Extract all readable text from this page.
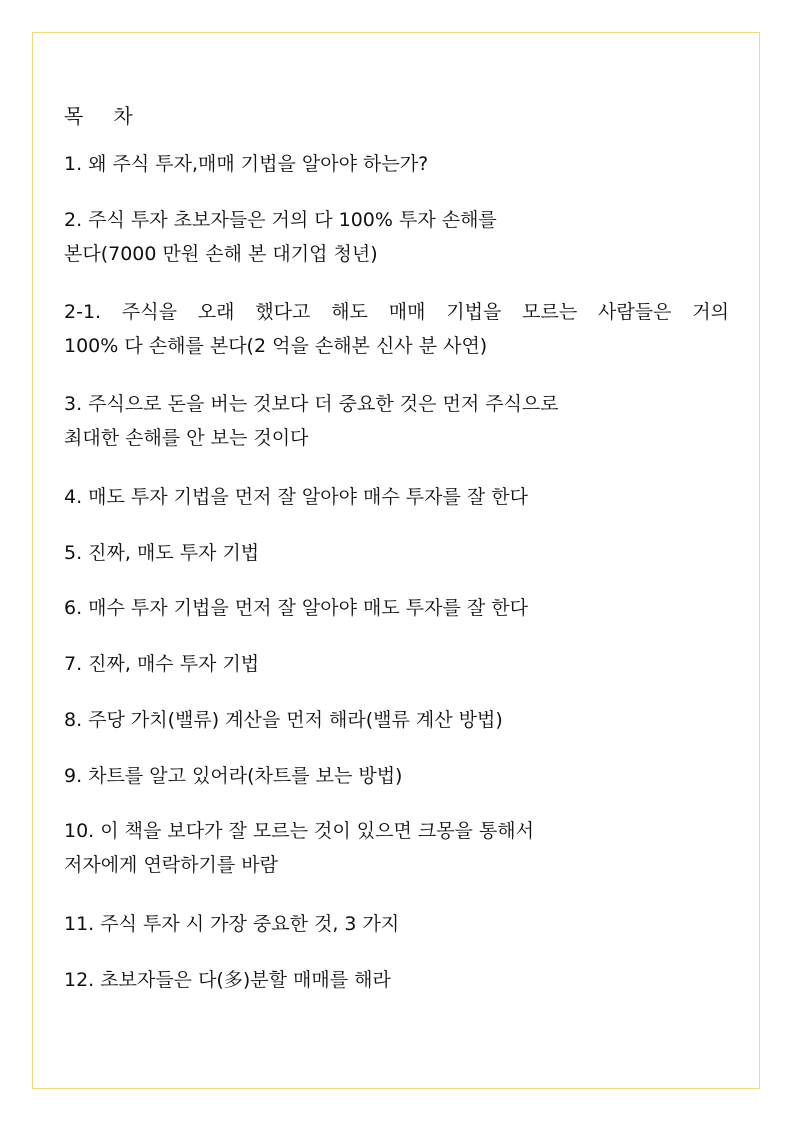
목 차
1. 왜 주식 투자,매매 기법을 알아야 하는가?
2. 주식 투자 초보자들은 거의 다 100% 투자 손해를
본다(7000 만원 손해 본 대기업 청년)
2-1. 주식을 오래 했다고 해도 매매 기법을 모르는 사람들은 거의
100% 다 손해를 본다(2 억을 손해본 신사 분 사연)
3. 주식으로 돈을 버는 것보다 더 중요한 것은 먼저 주식으로
최대한 손해를 안 보는 것이다
4. 매도 투자 기법을 먼저 잘 알아야 매수 투자를 잘 한다
5. 진짜, 매도 투자 기법
6. 매수 투자 기법을 먼저 잘 알아야 매도 투자를 잘 한다
7. 진짜, 매수 투자 기법
8. 주당 가치(밸류) 계산을 먼저 해라(밸류 계산 방법)
9. 차트를 알고 있어라(차트를 보는 방법)
10. 이 책을 보다가 잘 모르는 것이 있으면 크몽을 통해서
저자에게 연락하기를 바람
11. 주식 투자 시 가장 중요한 것, 3 가지
12. 초보자들은 다(多)분할 매매를 해라
